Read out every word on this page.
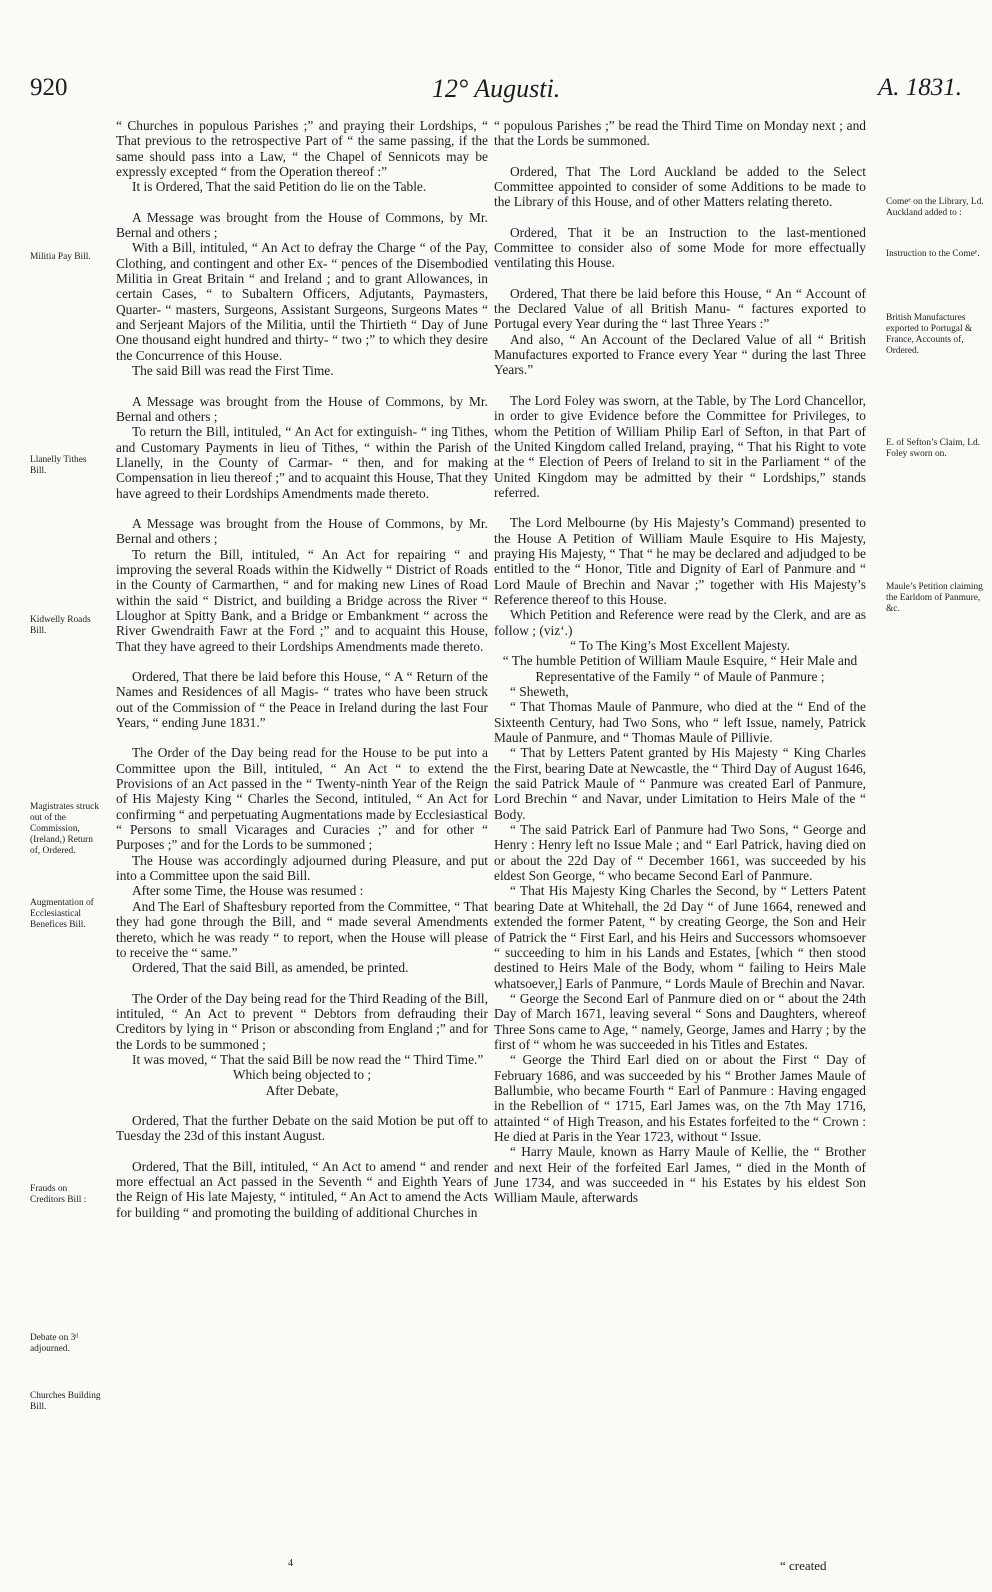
920	12° Augusti.	A. 1831.

“ Churches in populous Parishes ;” and praying their Lordships, “ That previous to the retrospective Part of “ the same passing, if the same should pass into a Law, “ the Chapel of Sennicots may be expressly excepted “ from the Operation thereof :”

It is Ordered, That the said Petition do lie on the Table.

A Message was brought from the House of Commons, by Mr. Bernal and others ;

With a Bill, intituled, “ An Act to defray the Charge “ of the Pay, Clothing, and contingent and other Ex- “ pences of the Disembodied Militia in Great Britain “ and Ireland ; and to grant Allowances, in certain Cases, “ to Subaltern Officers, Adjutants, Paymasters, Quarter- “ masters, Surgeons, Assistant Surgeons, Surgeons Mates “ and Serjeant Majors of the Militia, until the Thirtieth “ Day of June One thousand eight hundred and thirty- “ two ;” to which they desire the Concurrence of this House.

The said Bill was read the First Time.

A Message was brought from the House of Commons, by Mr. Bernal and others ;

To return the Bill, intituled, “ An Act for extinguish- “ ing Tithes, and Customary Payments in lieu of Tithes, “ within the Parish of Llanelly, in the County of Carmar- “ then, and for making Compensation in lieu thereof ;” and to acquaint this House, That they have agreed to their Lordships Amendments made thereto.

A Message was brought from the House of Commons, by Mr. Bernal and others ;

To return the Bill, intituled, “ An Act for repairing “ and improving the several Roads within the Kidwelly “ District of Roads in the County of Carmarthen, “ and for making new Lines of Road within the said “ District, and building a Bridge across the River “ Lloughor at Spitty Bank, and a Bridge or Embankment “ across the River Gwendraith Fawr at the Ford ;” and to acquaint this House, That they have agreed to their Lordships Amendments made thereto.

Ordered, That there be laid before this House, “ A “ Return of the Names and Residences of all Magis- “ trates who have been struck out of the Commission of “ the Peace in Ireland during the last Four Years, “ ending June 1831.”

The Order of the Day being read for the House to be put into a Committee upon the Bill, intituled, “ An Act “ to extend the Provisions of an Act passed in the “ Twenty-ninth Year of the Reign of His Majesty King “ Charles the Second, intituled, “ An Act for confirming “ and perpetuating Augmentations made by Ecclesiastical “ Persons to small Vicarages and Curacies ;” and for other “ Purposes ;” and for the Lords to be summoned ;

The House was accordingly adjourned during Pleasure, and put into a Committee upon the said Bill.

After some Time, the House was resumed :

And The Earl of Shaftesbury reported from the Committee, “ That they had gone through the Bill, and “ made several Amendments thereto, which he was ready “ to report, when the House will please to receive the “ same.”

Ordered, That the said Bill, as amended, be printed.

The Order of the Day being read for the Third Reading of the Bill, intituled, “ An Act to prevent “ Debtors from defrauding their Creditors by lying in “ Prison or absconding from England ;” and for the Lords to be summoned ;

It was moved, “ That the said Bill be now read the “ Third Time.”

Which being objected to ;

After Debate,

Ordered, That the further Debate on the said Motion be put off to Tuesday the 23d of this instant August.

Ordered, That the Bill, intituled, “ An Act to amend “ and render more effectual an Act passed in the Seventh “ and Eighth Years of the Reign of His late Majesty, “ intituled, “ An Act to amend the Acts for building “ and promoting the building of additional Churches in

“ populous Parishes ;” be read the Third Time on Monday next ; and that the Lords be summoned.

Ordered, That The Lord Auckland be added to the Select Committee appointed to consider of some Additions to be made to the Library of this House, and of other Matters relating thereto.

Ordered, That it be an Instruction to the last-mentioned Committee to consider also of some Mode for more effectually ventilating this House.

Ordered, That there be laid before this House, “ An “ Account of the Declared Value of all British Manu- “ factures exported to Portugal every Year during the “ last Three Years :”

And also, “ An Account of the Declared Value of all “ British Manufactures exported to France every Year “ during the last Three Years.”

The Lord Foley was sworn, at the Table, by The Lord Chancellor, in order to give Evidence before the Committee for Privileges, to whom the Petition of William Philip Earl of Sefton, in that Part of the United Kingdom called Ireland, praying, “ That his Right to vote at the “ Election of Peers of Ireland to sit in the Parliament “ of the United Kingdom may be admitted by their “ Lordships,” stands referred.

The Lord Melbourne (by His Majesty’s Command) presented to the House A Petition of William Maule Esquire to His Majesty, praying His Majesty, “ That “ he may be declared and adjudged to be entitled to the “ Honor, Title and Dignity of Earl of Panmure and “ Lord Maule of Brechin and Navar ;” together with His Majesty’s Reference thereof to this House.

Which Petition and Reference were read by the Clerk, and are as follow ; (viz‘.)

“ To The King’s Most Excellent Majesty.

“ The humble Petition of William Maule Esquire, “ Heir Male and Representative of the Family “ of Maule of Panmure ;

“ Sheweth,

“ That Thomas Maule of Panmure, who died at the “ End of the Sixteenth Century, had Two Sons, who “ left Issue, namely, Patrick Maule of Panmure, and “ Thomas Maule of Pillivie.

“ That by Letters Patent granted by His Majesty “ King Charles the First, bearing Date at Newcastle, the “ Third Day of August 1646, the said Patrick Maule of “ Panmure was created Earl of Panmure, Lord Brechin “ and Navar, under Limitation to Heirs Male of the “ Body.

“ The said Patrick Earl of Panmure had Two Sons, “ George and Henry : Henry left no Issue Male ; and “ Earl Patrick, having died on or about the 22d Day of “ December 1661, was succeeded by his eldest Son George, “ who became Second Earl of Panmure.

“ That His Majesty King Charles the Second, by “ Letters Patent bearing Date at Whitehall, the 2d Day “ of June 1664, renewed and extended the former Patent, “ by creating George, the Son and Heir of Patrick the “ First Earl, and his Heirs and Successors whomsoever “ succeeding to him in his Lands and Estates, [which “ then stood destined to Heirs Male of the Body, whom “ failing to Heirs Male whatsoever,] Earls of Panmure, “ Lords Maule of Brechin and Navar.

“ George the Second Earl of Panmure died on or “ about the 24th Day of March 1671, leaving several “ Sons and Daughters, whereof Three Sons came to Age, “ namely, George, James and Harry ; by the first of “ whom he was succeeded in his Titles and Estates.

“ George the Third Earl died on or about the First “ Day of February 1686, and was succeeded by his “ Brother James Maule of Ballumbie, who became Fourth “ Earl of Panmure : Having engaged in the Rebellion of “ 1715, Earl James was, on the 7th May 1716, attainted “ of High Treason, and his Estates forfeited to the “ Crown : He died at Paris in the Year 1723, without “ Issue.

“ Harry Maule, known as Harry Maule of Kellie, the “ Brother and next Heir of the forfeited Earl James, “ died in the Month of June 1734, and was succeeded in “ his Estates by his eldest Son William Maule, afterwards

Militia Pay Bill.
Llanelly Tithes Bill.
Kidwelly Roads Bill.
Magistrates struck out of the Commission, (Ireland,) Return of, Ordered.
Augmentation of Ecclesiastical Benefices Bill.
Frauds on Creditors Bill :
Debate on 3ᵈ adjourned.
Churches Building Bill.
Comeᵉ on the Library, Ld. Auckland added to :
Instruction to the Comeᵉ.
British Manufactures exported to Portugal & France, Accounts of, Ordered.
E. of Sefton’s Claim, Ld. Foley sworn on.
Maule’s Petition claiming the Earldom of Panmure, &c.
4	“ created
